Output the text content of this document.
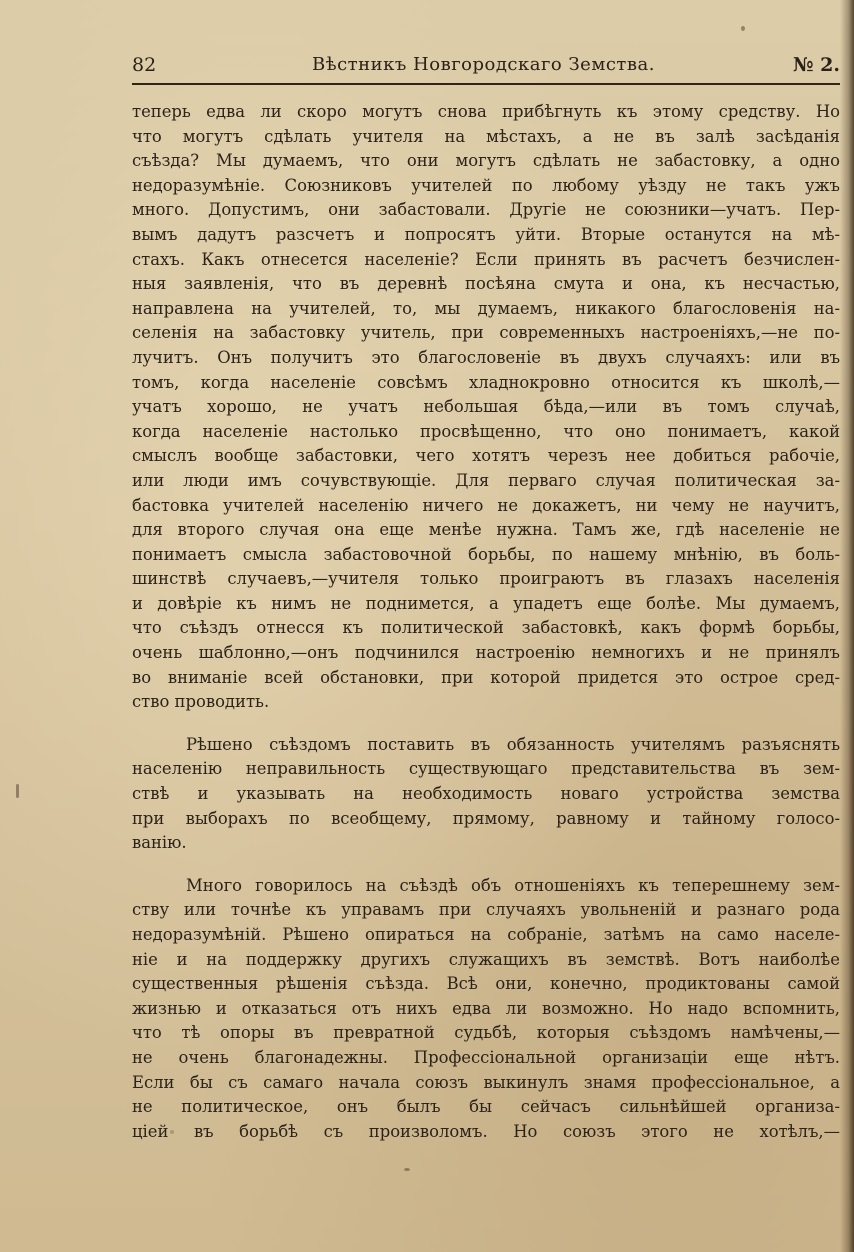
82	Вѣстникъ Новгородскаго Земства.	№ 2.
теперь едва ли скоро могутъ снова прибѣгнуть къ этому средству. Но
что могутъ сдѣлать учителя на мѣстахъ, а не въ залѣ засѣданія
съѣзда? Мы думаемъ, что они могутъ сдѣлать не забастовку, а одно
недоразумѣніе. Союзниковъ учителей по любому уѣзду не такъ ужъ
много. Допустимъ, они забастовали. Другіе не союзники—учатъ. Пер-
вымъ дадутъ разсчетъ и попросятъ уйти. Вторые останутся на мѣ-
стахъ. Какъ отнесется населеніе? Если принять въ расчетъ безчислен-
ныя заявленія, что въ деревнѣ посѣяна смута и она, къ несчастью,
направлена на учителей, то, мы думаемъ, никакого благословенія на-
селенія на забастовку учитель, при современныхъ настроеніяхъ,—не по-
лучитъ. Онъ получитъ это благословеніе въ двухъ случаяхъ: или въ
томъ, когда населеніе совсѣмъ хладнокровно относится къ школѣ,—
учатъ хорошо, не учатъ небольшая бѣда,—или въ томъ случаѣ,
когда населеніе настолько просвѣщенно, что оно понимаетъ, какой
смыслъ вообще забастовки, чего хотятъ черезъ нее добиться рабочіе,
или люди имъ сочувствующіе. Для перваго случая политическая за-
бастовка учителей населенію ничего не докажетъ, ни чему не научитъ,
для второго случая она еще менѣе нужна. Тамъ же, гдѣ населеніе не
понимаетъ смысла забастовочной борьбы, по нашему мнѣнію, въ боль-
шинствѣ случаевъ,—учителя только проиграютъ въ глазахъ населенія
и довѣріе къ нимъ не поднимется, а упадетъ еще болѣе. Мы думаемъ,
что съѣздъ отнесся къ политической забастовкѣ, какъ формѣ борьбы,
очень шаблонно,—онъ подчинился настроенію немногихъ и не принялъ
во вниманіе всей обстановки, при которой придется это острое сред-
ство проводить.
Рѣшено съѣздомъ поставить въ обязанность учителямъ разъяснять
населенію неправильность существующаго представительства въ зем-
ствѣ и указывать на необходимость новаго устройства земства
при выборахъ по всеобщему, прямому, равному и тайному голосо-
ванію.
Много говорилось на съѣздѣ объ отношеніяхъ къ теперешнему зем-
ству или точнѣе къ управамъ при случаяхъ увольненій и разнаго рода
недоразумѣній. Рѣшено опираться на собраніе, затѣмъ на само населе-
ніе и на поддержку другихъ служащихъ въ земствѣ. Вотъ наиболѣе
существенныя рѣшенія съѣзда. Всѣ они, конечно, продиктованы самой
жизнью и отказаться отъ нихъ едва ли возможно. Но надо вспомнить,
что тѣ опоры въ превратной судьбѣ, которыя съѣздомъ намѣчены,—
не очень благонадежны. Профессіональной организаціи еще нѣтъ.
Если бы съ самаго начала союзъ выкинулъ знамя профессіональное, а
не политическое, онъ былъ бы сейчасъ сильнѣйшей организа-
ціей въ борьбѣ съ произволомъ. Но союзъ этого не хотѣлъ,—
